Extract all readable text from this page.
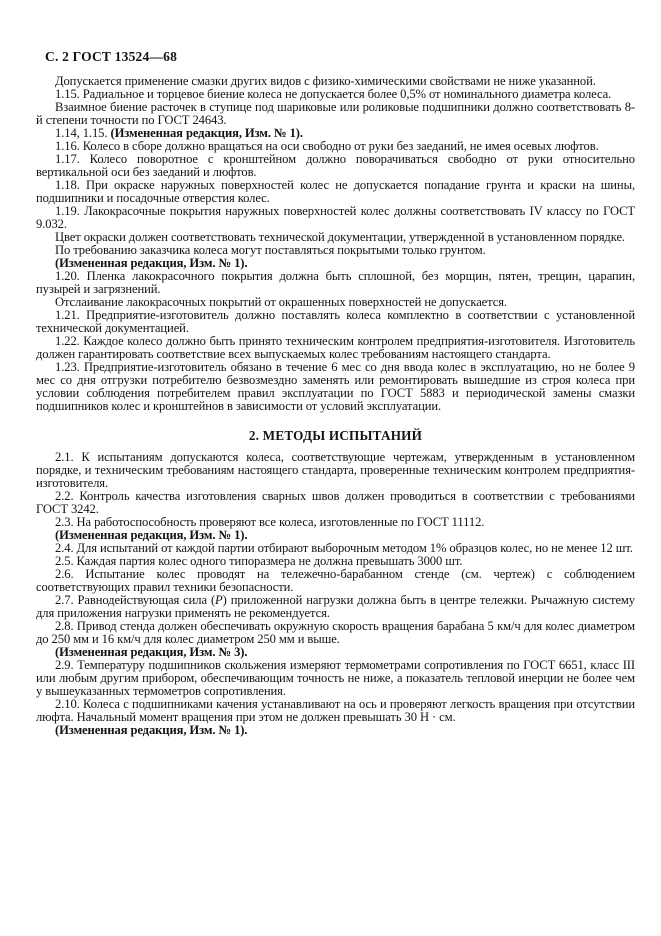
С. 2 ГОСТ 13524—68

Допускается применение смазки других видов с физико-химическими свойствами не ниже указанной.

1.15. Радиальное и торцевое биение колеса не допускается более 0,5% от номинального диаметра колеса.

Взаимное биение расточек в ступице под шариковые или роликовые подшипники должно соответствовать 8-й степени точности по ГОСТ 24643.

1.14, 1.15. (Измененная редакция, Изм. № 1).

1.16. Колесо в сборе должно вращаться на оси свободно от руки без заеданий, не имея осевых люфтов.

1.17. Колесо поворотное с кронштейном должно поворачиваться свободно от руки относительно вертикальной оси без заеданий и люфтов.

1.18. При окраске наружных поверхностей колес не допускается попадание грунта и краски на шины, подшипники и посадочные отверстия колес.

1.19. Лакокрасочные покрытия наружных поверхностей колес должны соответствовать IV классу по ГОСТ 9.032.

Цвет окраски должен соответствовать технической документации, утвержденной в установленном порядке.

По требованию заказчика колеса могут поставляться покрытыми только грунтом.

(Измененная редакция, Изм. № 1).

1.20. Пленка лакокрасочного покрытия должна быть сплошной, без морщин, пятен, трещин, царапин, пузырей и загрязнений.

Отслаивание лакокрасочных покрытий от окрашенных поверхностей не допускается.

1.21. Предприятие-изготовитель должно поставлять колеса комплектно в соответствии с установленной технической документацией.

1.22. Каждое колесо должно быть принято техническим контролем предприятия-изготовителя. Изготовитель должен гарантировать соответствие всех выпускаемых колес требованиям настоящего стандарта.

1.23. Предприятие-изготовитель обязано в течение 6 мес со дня ввода колес в эксплуатацию, но не более 9 мес со дня отгрузки потребителю безвозмездно заменять или ремонтировать вышедшие из строя колеса при условии соблюдения потребителем правил эксплуатации по ГОСТ 5883 и периодической замены смазки подшипников колес и кронштейнов в зависимости от условий эксплуатации.

2. МЕТОДЫ ИСПЫТАНИЙ

2.1. К испытаниям допускаются колеса, соответствующие чертежам, утвержденным в установленном порядке, и техническим требованиям настоящего стандарта, проверенные техническим контролем предприятия-изготовителя.

2.2. Контроль качества изготовления сварных швов должен проводиться в соответствии с требованиями ГОСТ 3242.

2.3. На работоспособность проверяют все колеса, изготовленные по ГОСТ 11112.

(Измененная редакция, Изм. № 1).

2.4. Для испытаний от каждой партии отбирают выборочным методом 1% образцов колес, но не менее 12 шт.

2.5. Каждая партия колес одного типоразмера не должна превышать 3000 шт.

2.6. Испытание колес проводят на тележечно-барабанном стенде (см. чертеж) с соблюдением соответствующих правил техники безопасности.

2.7. Равнодействующая сила (Р) приложенной нагрузки должна быть в центре тележки. Рычажную систему для приложения нагрузки применять не рекомендуется.

2.8. Привод стенда должен обеспечивать окружную скорость вращения барабана 5 км/ч для колес диаметром до 250 мм и 16 км/ч для колес диаметром 250 мм и выше.

(Измененная редакция, Изм. № 3).

2.9. Температуру подшипников скольжения измеряют термометрами сопротивления по ГОСТ 6651, класс III или любым другим прибором, обеспечивающим точность не ниже, а показатель тепловой инерции не более чем у вышеуказанных термометров сопротивления.

2.10. Колеса с подшипниками качения устанавливают на ось и проверяют легкость вращения при отсутствии люфта. Начальный момент вращения при этом не должен превышать 30 Н · см.

(Измененная редакция, Изм. № 1).
